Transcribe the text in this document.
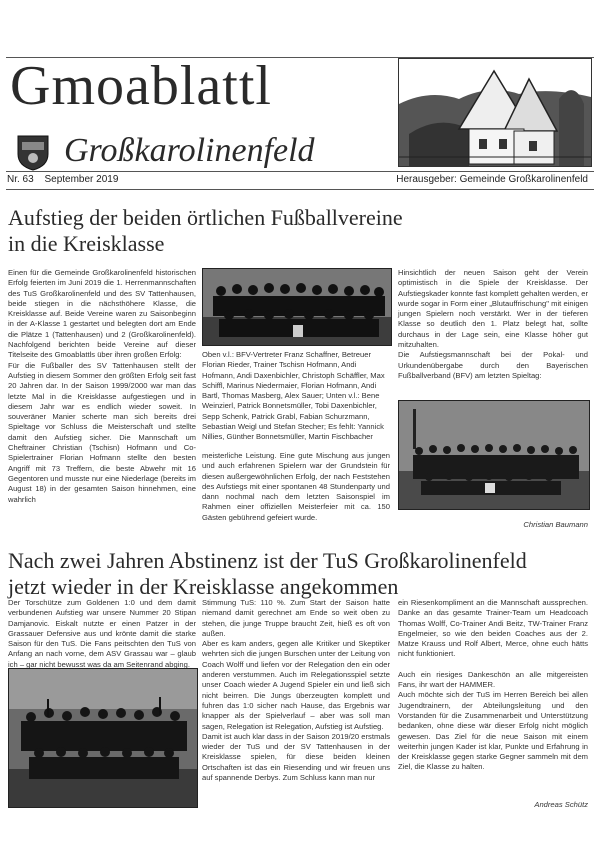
Gmoablattl
Großkarolinenfeld
Nr. 63 September 2019	Herausgeber: Gemeinde Großkarolinenfeld
Aufstieg der beiden örtlichen Fußballvereine
in die Kreisklasse

Einen für die Gemeinde Großkarolinenfeld historischen Erfolg feierten im Juni 2019 die 1. Herrenmannschaften des TuS Großkarolinenfeld und des SV Tattenhausen, beide stiegen in die nächsthöhere Klasse, die Kreisklasse auf. Beide Vereine waren zu Saisonbeginn in der A-Klasse 1 gestartet und belegten dort am Ende die Plätze 1 (Tattenhausen) und 2 (Großkarolinenfeld). Nachfolgend berichten beide Vereine auf dieser Titelseite des Gmoablattls über ihren großen Erfolg:

Für die Fußballer des SV Tattenhausen stellt der Aufstieg in diesem Sommer den größten Erfolg seit fast 20 Jahren dar. In der Saison 1999/2000 war man das letzte Mal in die Kreisklasse aufgestiegen und in diesem Jahr war es endlich wieder soweit. In souveräner Manier scherte man sich bereits drei Spieltage vor Schluss die Meisterschaft und stellte damit den Aufstieg sicher. Die Mannschaft um Cheftrainer Christian (Tschisn) Hofmann und Co-Spielertrainer Florian Hofmann stellte den besten Angriff mit 73 Treffern, die beste Abwehr mit 16 Gegentoren und musste nur eine Niederlage (bereits im August 18) in der gesamten Saison hinnehmen, eine wahrlich

Oben v.l.: BFV-Vertreter Franz Schaffner, Betreuer Florian Rieder, Trainer Tschisn Hofmann, Andi Hofmann, Andi Daxenbichler, Christoph Schäffler, Max Schiffl, Marinus Niedermaier, Florian Hofmann, Andi Bartl, Thomas Masberg, Alex Sauer; Unten v.l.: Bene Weinzierl, Patrick Bonnetsmüller, Tobi Daxenbichler, Sepp Schenk, Patrick Grabl, Fabian Schurzmann, Sebastian Weigl und Stefan Stecher; Es fehlt: Yannick Nillies, Günther Bonnetsmüller, Martin Fischbacher

meisterliche Leistung. Eine gute Mischung aus jungen und auch erfahrenen Spielern war der Grundstein für diesen außergewöhnlichen Erfolg, der nach Feststehen des Aufstiegs mit einer spontanen 48 Stundenparty und dann nochmal nach dem letzten Saisonspiel im Rahmen einer offiziellen Meisterfeier mit ca. 150 Gästen gebührend gefeiert wurde.

Hinsichtlich der neuen Saison geht der Verein optimistisch in die Spiele der Kreisklasse. Der Aufstiegskader konnte fast komplett gehalten werden, er wurde sogar in Form einer „Blutauffrischung" mit einigen jungen Spielern noch verstärkt. Wer in der tieferen Klasse so deutlich den 1. Platz belegt hat, sollte durchaus in der Lage sein, eine Klasse höher gut mitzuhalten.

Die Aufstiegsmannschaft bei der Pokal- und Urkundenübergabe durch den Bayerischen Fußballverband (BFV) am letzten Spieltag:

Christian Baumann
Nach zwei Jahren Abstinenz ist der TuS Großkarolinenfeld
jetzt wieder in der Kreisklasse angekommen

Der Torschütze zum Goldenen 1:0 und dem damit verbundenen Aufstieg war unsere Nummer 20 Stipan Damjanovic. Eiskalt nutzte er einen Patzer in der Grassauer Defensive aus und krönte damit die starke Saison für den TuS. Die Fans peitschten den TuS von Anfang an nach vorne, dem ASV Grassau war – glaub ich – gar nicht bewusst was da am Seitenrand abging.

Stimmung TuS: 110 %. Zum Start der Saison hatte niemand damit gerechnet am Ende so weit oben zu stehen, die junge Truppe braucht Zeit, hieß es oft von außen.

Aber es kam anders, gegen alle Kritiker und Skeptiker wehrten sich die jungen Burschen unter der Leitung von Coach Wolff und liefen vor der Relegation den ein oder anderen verstummen. Auch im Relegationsspiel setzte unser Coach wieder A Jugend Spieler ein und ließ sich nicht beirren. Die Jungs überzeugten komplett und fuhren das 1:0 sicher nach Hause, das Ergebnis war knapper als der Spielverlauf – aber was soll man sagen, Relegation ist Relegation, Aufstieg ist Aufstieg.

Damit ist auch klar dass in der Saison 2019/20 erstmals wieder der TuS und der SV Tattenhausen in der Kreisklasse spielen, für diese beiden kleinen Ortschaften ist das ein Riesending und wir freuen uns auf spannende Derbys. Zum Schluss kann man nur

ein Riesenkompliment an die Mannschaft aussprechen. Danke an das gesamte Trainer-Team um Headcoach Thomas Wolff, Co-Trainer Andi Beitz, TW-Trainer Franz Engelmeier, so wie den beiden Coaches aus der 2. Matze Krauss und Rolf Albert, Merce, ohne euch hätts nicht funktioniert.

Auch ein riesiges Dankeschön an alle mitgereisten Fans, ihr wart der HAMMER.

Auch möchte sich der TuS im Herren Bereich bei allen Jugendtrainern, der Abteilungsleitung und den Vorstanden für die Zusammenarbeit und Unterstützung bedanken, ohne diese wär dieser Erfolg nicht möglich gewesen. Das Ziel für die neue Saison mit einem weiterhin jungen Kader ist klar, Punkte und Erfahrung in der Kreisklasse gegen starke Gegner sammeln mit dem Ziel, die Klasse zu halten.

Andreas Schütz
